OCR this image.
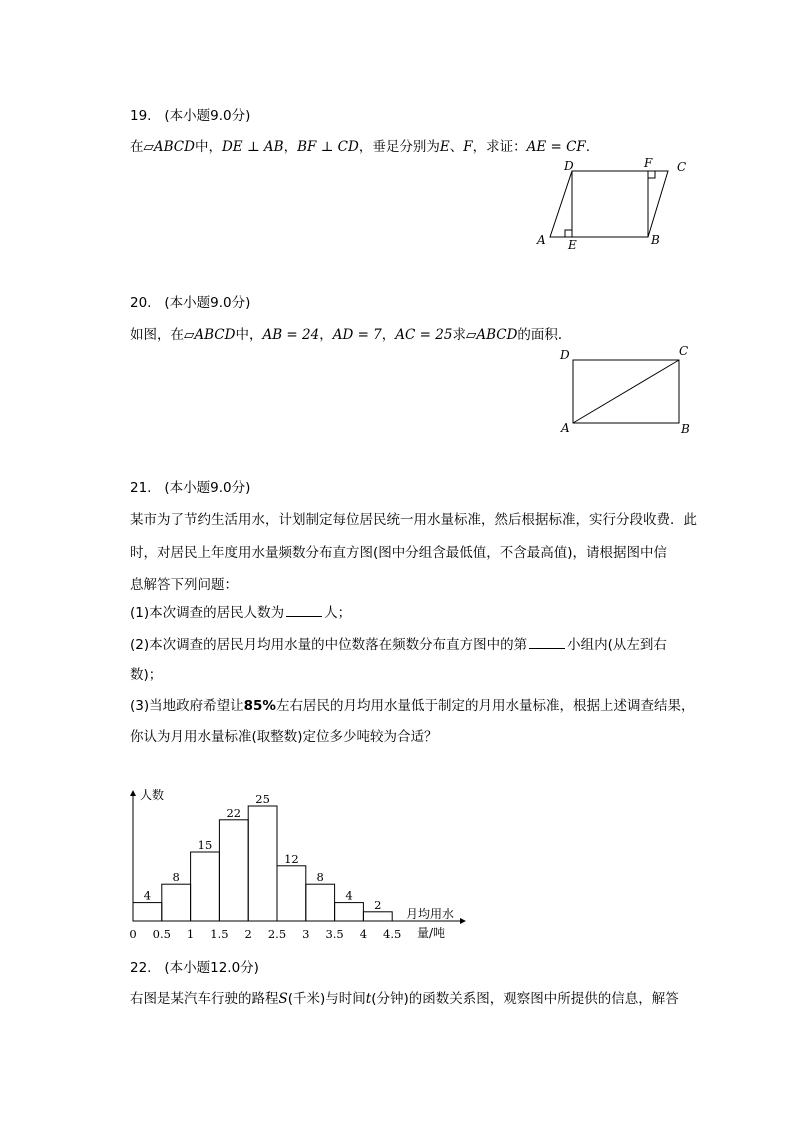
19. (本小题9.0分)
在▱ABCD中，DE ⊥ AB，BF ⊥ CD，垂足分别为E、F，求证：AE = CF.
D	F C
A E	B
20. (本小题9.0分)
如图，在▱ABCD中，AB = 24，AD = 7，AC = 25求▱ABCD的面积．
D	C
A	B
21. (本小题9.0分)
某市为了节约生活用水，计划制定每位居民统一用水量标准，然后根据标准，实行分段收费．此
时，对居民上年度用水量频数分布直方图(图中分组含最低值，不含最高值)，请根据图中信
息解答下列问题：
(1)本次调查的居民人数为	人；
(2)本次调查的居民月均用水量的中位数落在频数分布直方图中的第	小组内(从左到右
数)；
(3)当地政府希望让85%左右居民的月均用水量低于制定的月用水量标准，根据上述调查结果，
你认为月用水量标准(取整数)定位多少吨较为合适？
4
8
15
22
25
12
8
4
2
0 0.5 1 1.5 2 2.5 3 3.5 4 4.5
人数
月均用水
量/吨
22. (本小题12.0分)
右图是某汽车行驶的路程S(千米)与时间t(分钟)的函数关系图，观察图中所提供的信息，解答
